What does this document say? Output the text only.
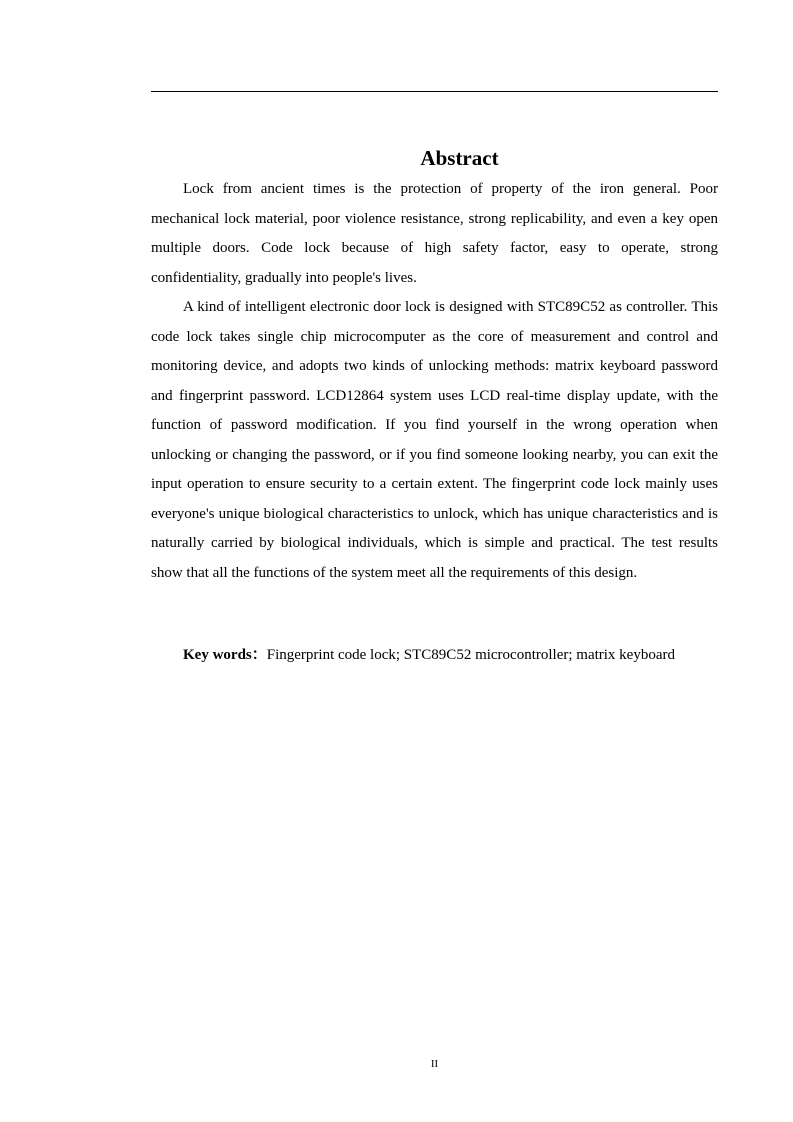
Abstract

Lock from ancient times is the protection of property of the iron general. Poor mechanical lock material, poor violence resistance, strong replicability, and even a key open multiple doors. Code lock because of high safety factor, easy to operate, strong confidentiality, gradually into people's lives.

A kind of intelligent electronic door lock is designed with STC89C52 as controller. This code lock takes single chip microcomputer as the core of measurement and control and monitoring device, and adopts two kinds of unlocking methods: matrix keyboard password and fingerprint password. LCD12864 system uses LCD real-time display update, with the function of password modification. If you find yourself in the wrong operation when unlocking or changing the password, or if you find someone looking nearby, you can exit the input operation to ensure security to a certain extent. The fingerprint code lock mainly uses everyone's unique biological characteristics to unlock, which has unique characteristics and is naturally carried by biological individuals, which is simple and practical. The test results show that all the functions of the system meet all the requirements of this design.

Key words：Fingerprint code lock; STC89C52 microcontroller; matrix keyboard
II
